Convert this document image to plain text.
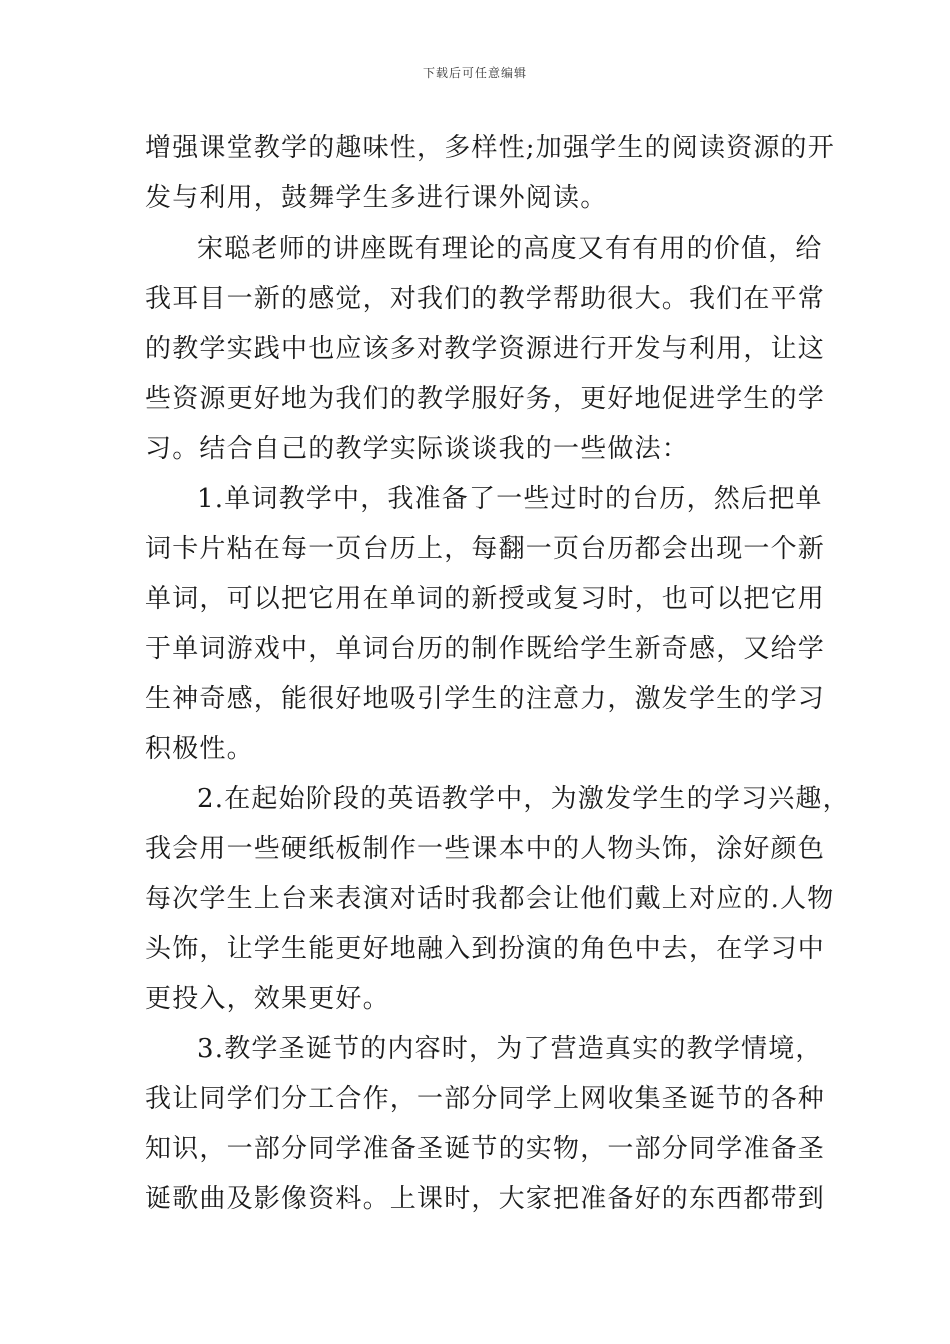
下载后可任意编辑
增强课堂教学的趣味性，多样性;加强学生的阅读资源的开
发与利用，鼓舞学生多进行课外阅读。
宋聪老师的讲座既有理论的高度又有有用的价值，给
我耳目一新的感觉，对我们的教学帮助很大。我们在平常
的教学实践中也应该多对教学资源进行开发与利用，让这
些资源更好地为我们的教学服好务，更好地促进学生的学
习。结合自己的教学实际谈谈我的一些做法：
1.单词教学中，我准备了一些过时的台历，然后把单
词卡片粘在每一页台历上，每翻一页台历都会出现一个新
单词，可以把它用在单词的新授或复习时，也可以把它用
于单词游戏中，单词台历的制作既给学生新奇感，又给学
生神奇感，能很好地吸引学生的注意力，激发学生的学习
积极性。
2.在起始阶段的英语教学中，为激发学生的学习兴趣，
我会用一些硬纸板制作一些课本中的人物头饰，涂好颜色
每次学生上台来表演对话时我都会让他们戴上对应的.人物
头饰，让学生能更好地融入到扮演的角色中去，在学习中
更投入，效果更好。
3.教学圣诞节的内容时，为了营造真实的教学情境，
我让同学们分工合作，一部分同学上网收集圣诞节的各种
知识，一部分同学准备圣诞节的实物，一部分同学准备圣
诞歌曲及影像资料。上课时，大家把准备好的东西都带到
